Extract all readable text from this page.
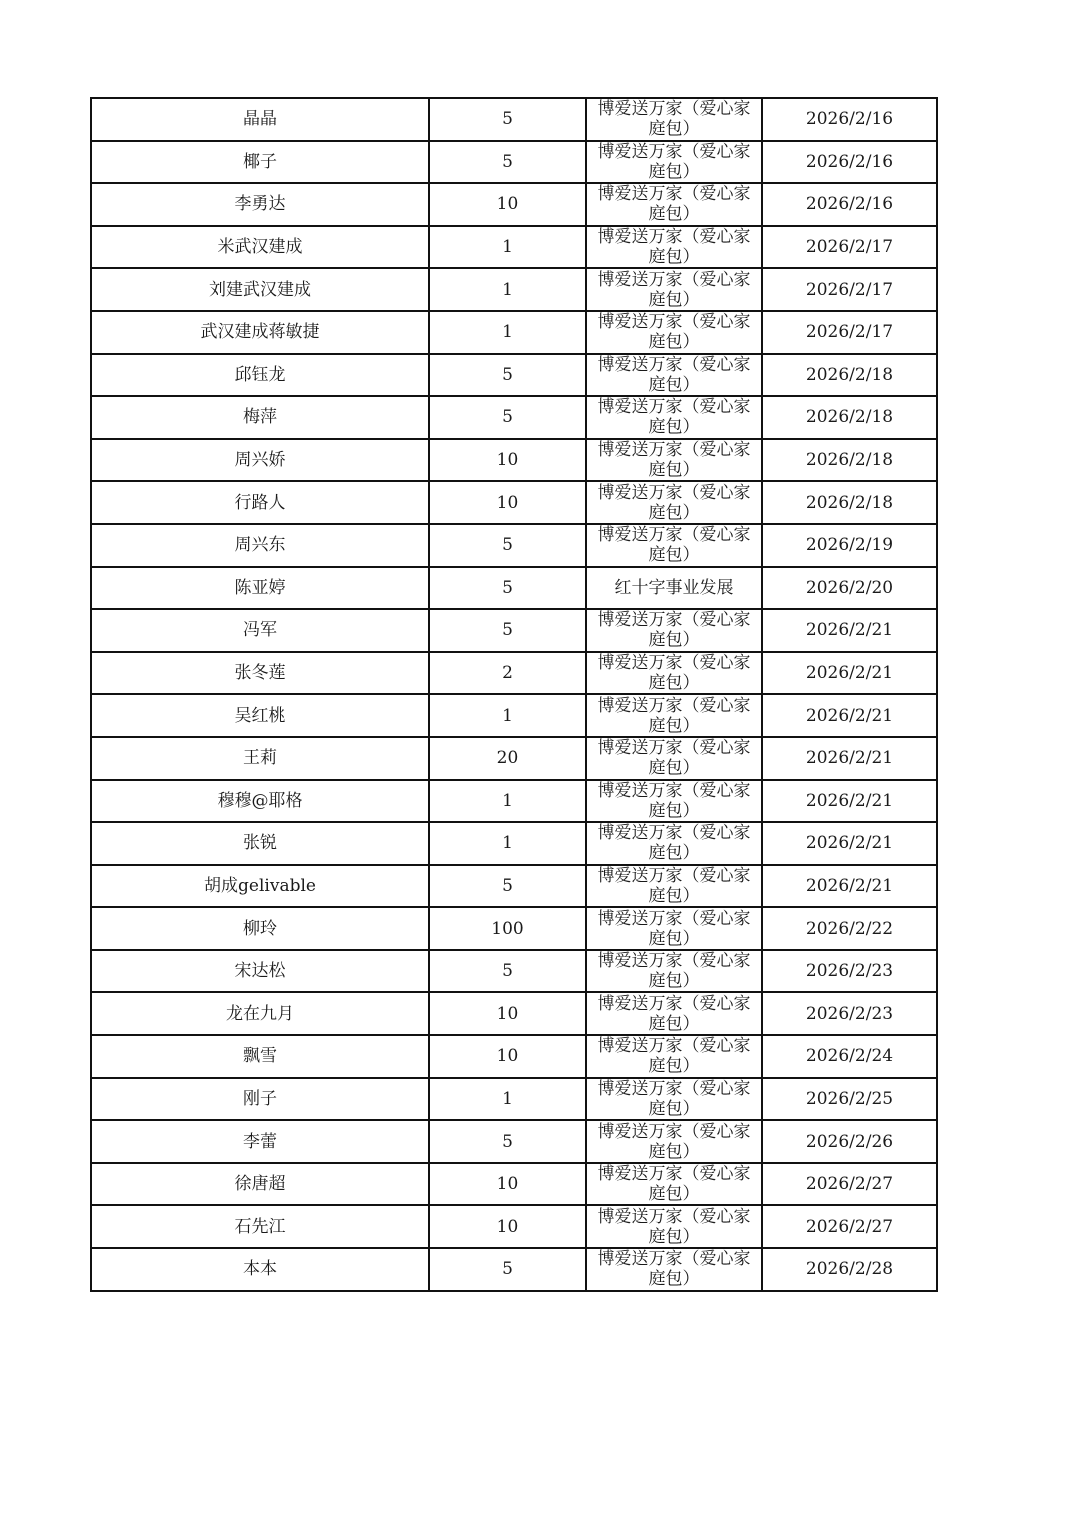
晶晶	5	博爱送万家（爱心家庭包）	2026/2/16
椰子	5	博爱送万家（爱心家庭包）	2026/2/16
李勇达	10	博爱送万家（爱心家庭包）	2026/2/16
米武汉建成	1	博爱送万家（爱心家庭包）	2026/2/17
刘建武汉建成	1	博爱送万家（爱心家庭包）	2026/2/17
武汉建成蒋敏捷	1	博爱送万家（爱心家庭包）	2026/2/17
邱钰龙	5	博爱送万家（爱心家庭包）	2026/2/18
梅萍	5	博爱送万家（爱心家庭包）	2026/2/18
周兴娇	10	博爱送万家（爱心家庭包）	2026/2/18
行路人	10	博爱送万家（爱心家庭包）	2026/2/18
周兴东	5	博爱送万家（爱心家庭包）	2026/2/19
陈亚婷	5	红十字事业发展	2026/2/20
冯军	5	博爱送万家（爱心家庭包）	2026/2/21
张冬莲	2	博爱送万家（爱心家庭包）	2026/2/21
吴红桃	1	博爱送万家（爱心家庭包）	2026/2/21
王莉	20	博爱送万家（爱心家庭包）	2026/2/21
穆穆@耶格	1	博爱送万家（爱心家庭包）	2026/2/21
张锐	1	博爱送万家（爱心家庭包）	2026/2/21
胡成gelivable	5	博爱送万家（爱心家庭包）	2026/2/21
柳玲	100	博爱送万家（爱心家庭包）	2026/2/22
宋达松	5	博爱送万家（爱心家庭包）	2026/2/23
龙在九月	10	博爱送万家（爱心家庭包）	2026/2/23
飘雪	10	博爱送万家（爱心家庭包）	2026/2/24
刚子	1	博爱送万家（爱心家庭包）	2026/2/25
李蕾	5	博爱送万家（爱心家庭包）	2026/2/26
徐唐超	10	博爱送万家（爱心家庭包）	2026/2/27
石先江	10	博爱送万家（爱心家庭包）	2026/2/27
本本	5	博爱送万家（爱心家庭包）	2026/2/28
